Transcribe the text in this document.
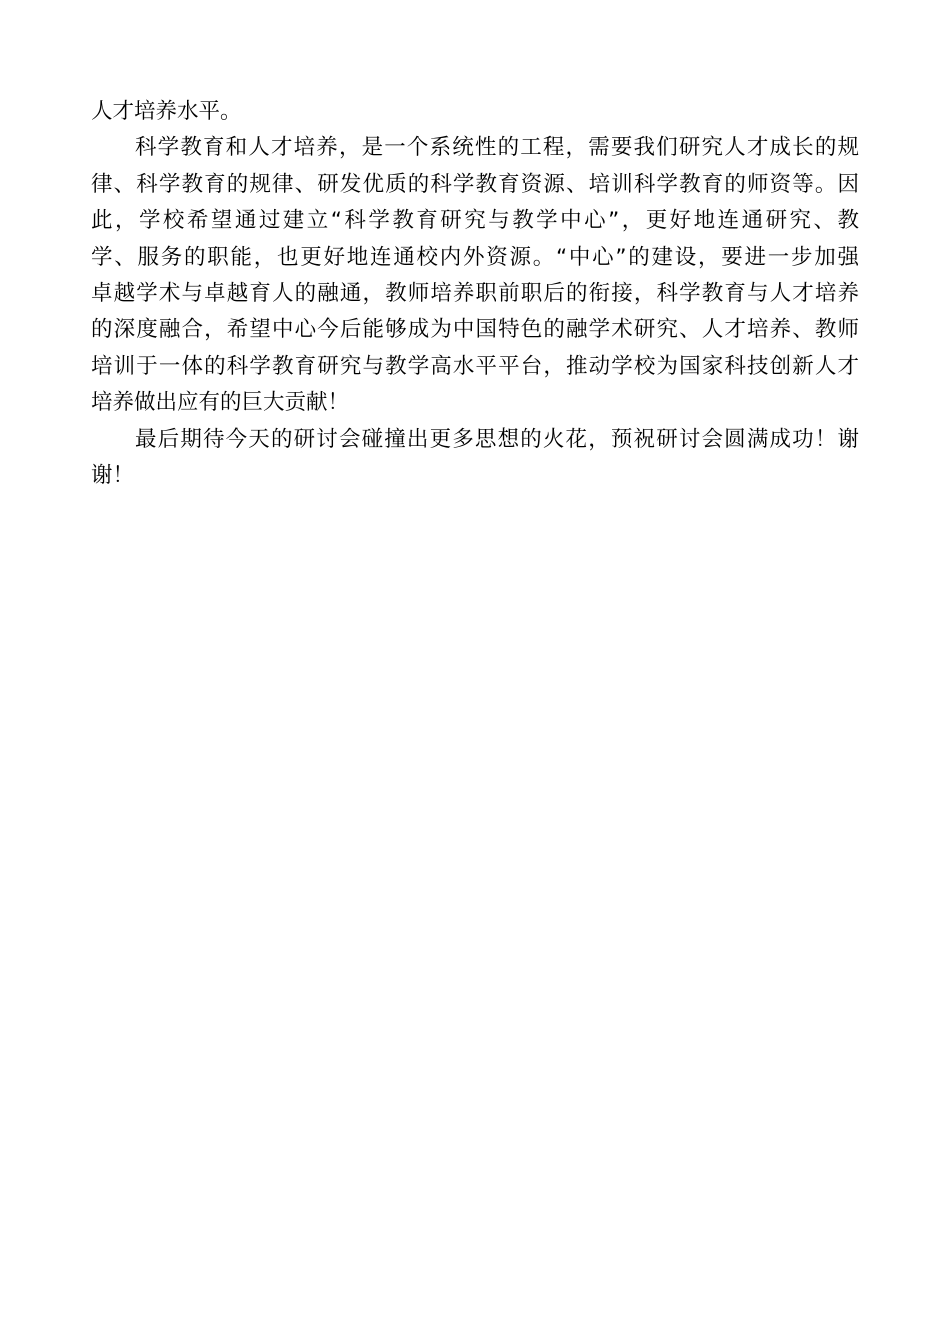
人才培养水平。
科学教育和人才培养，是一个系统性的工程，需要我们研究人才成长的规
律、科学教育的规律、研发优质的科学教育资源、培训科学教育的师资等。因
此，学校希望通过建立“科学教育研究与教学中心”，更好地连通研究、教
学、服务的职能，也更好地连通校内外资源。“中心”的建设，要进一步加强
卓越学术与卓越育人的融通，教师培养职前职后的衔接，科学教育与人才培养
的深度融合，希望中心今后能够成为中国特色的融学术研究、人才培养、教师
培训于一体的科学教育研究与教学高水平平台，推动学校为国家科技创新人才
培养做出应有的巨大贡献！
最后期待今天的研讨会碰撞出更多思想的火花，预祝研讨会圆满成功！谢
谢！
